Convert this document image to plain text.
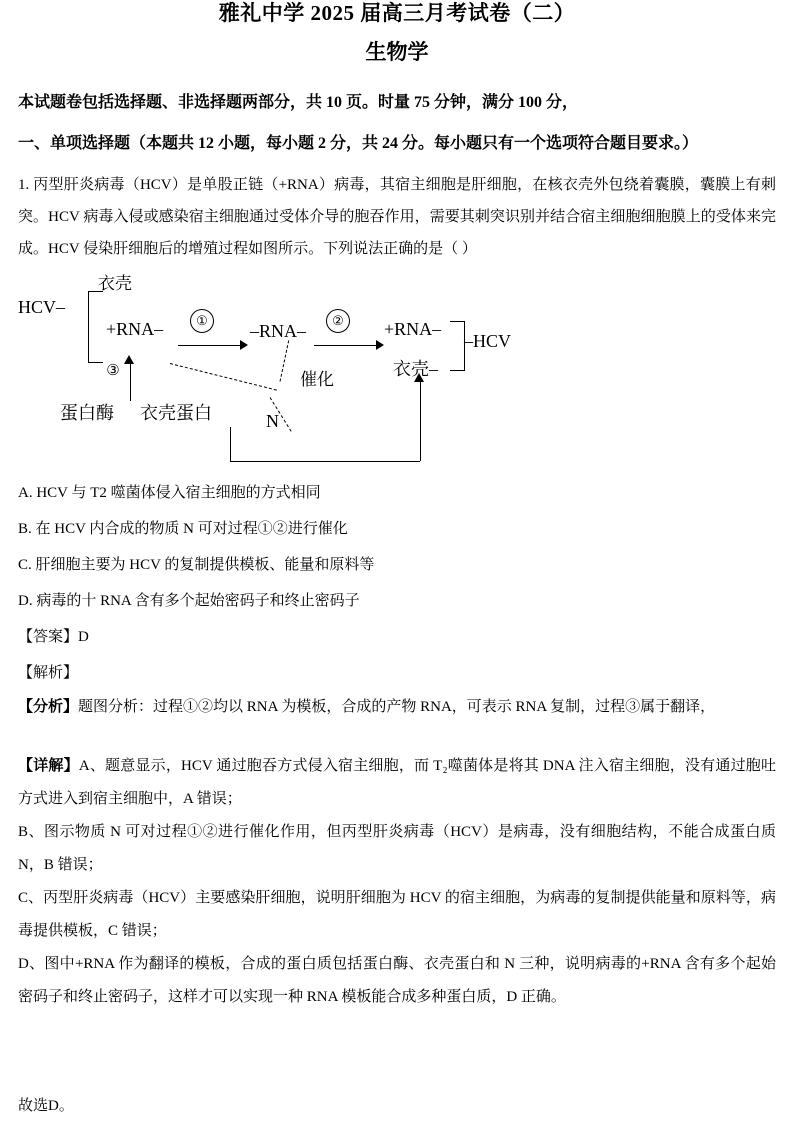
雅礼中学 2025 届高三月考试卷（二）
生物学
本试题卷包括选择题、非选择题两部分，共 10 页。时量 75 分钟，满分 100 分，
一、单项选择题（本题共 12 小题，每小题 2 分，共 24 分。每小题只有一个选项符合题目要求。）
1. 丙型肝炎病毒（HCV）是单股正链（+RNA）病毒，其宿主细胞是肝细胞，在核衣壳外包绕着囊膜，囊膜上有刺突。HCV 病毒入侵或感染宿主细胞通过受体介导的胞吞作用，需要其刺突识别并结合宿主细胞细胞膜上的受体来完成。HCV 侵染肝细胞后的增殖过程如图所示。下列说法正确的是（ ）
HCV–
衣壳
+RNA–	①
–RNA–
②	+RNA–
衣壳–
–HCV
③	催化
蛋白酶 衣壳蛋白	N
A. HCV 与 T2 噬菌体侵入宿主细胞的方式相同
B. 在 HCV 内合成的物质 N 可对过程①②进行催化
C. 肝细胞主要为 HCV 的复制提供模板、能量和原料等
D. 病毒的十 RNA 含有多个起始密码子和终止密码子
【答案】D
【解析】
【分析】题图分析：过程①②均以 RNA 为模板，合成的产物 RNA，可表示 RNA 复制，过程③属于翻译，
【详解】A、题意显示，HCV 通过胞吞方式侵入宿主细胞，而 T₂噬菌体是将其 DNA 注入宿主细胞，没有通过胞吐方式进入到宿主细胞中，A 错误；
B、图示物质 N 可对过程①②进行催化作用，但丙型肝炎病毒（HCV）是病毒，没有细胞结构，不能合成蛋白质 N，B 错误；
C、丙型肝炎病毒（HCV）主要感染肝细胞，说明肝细胞为 HCV 的宿主细胞，为病毒的复制提供能量和原料等，病毒提供模板，C 错误；
D、图中+RNA 作为翻译的模板，合成的蛋白质包括蛋白酶、衣壳蛋白和 N 三种，说明病毒的+RNA 含有多个起始密码子和终止密码子，这样才可以实现一种 RNA 模板能合成多种蛋白质，D 正确。
故选D。
